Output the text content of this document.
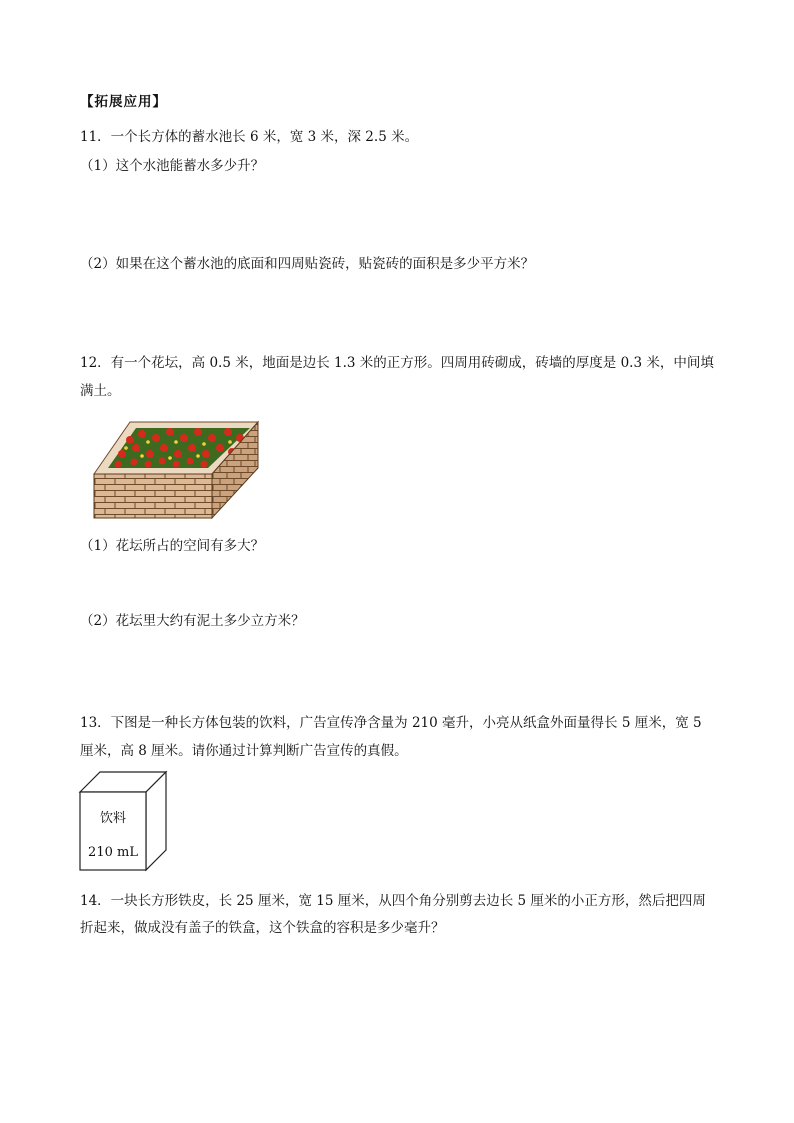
【拓展应用】
11．一个长方体的蓄水池长 6 米，宽 3 米，深 2.5 米。
（1）这个水池能蓄水多少升？
（2）如果在这个蓄水池的底面和四周贴瓷砖，贴瓷砖的面积是多少平方米？
12．有一个花坛，高 0.5 米，地面是边长 1.3 米的正方形。四周用砖砌成，砖墙的厚度是 0.3 米，中间填
满土。
（1）花坛所占的空间有多大？
（2）花坛里大约有泥土多少立方米？
13．下图是一种长方体包装的饮料，广告宣传净含量为 210 毫升，小亮从纸盒外面量得长 5 厘米，宽 5
厘米，高 8 厘米。请你通过计算判断广告宣传的真假。
饮料
210 mL
14．一块长方形铁皮，长 25 厘米，宽 15 厘米，从四个角分别剪去边长 5 厘米的小正方形，然后把四周
折起来，做成没有盖子的铁盒，这个铁盒的容积是多少毫升？
